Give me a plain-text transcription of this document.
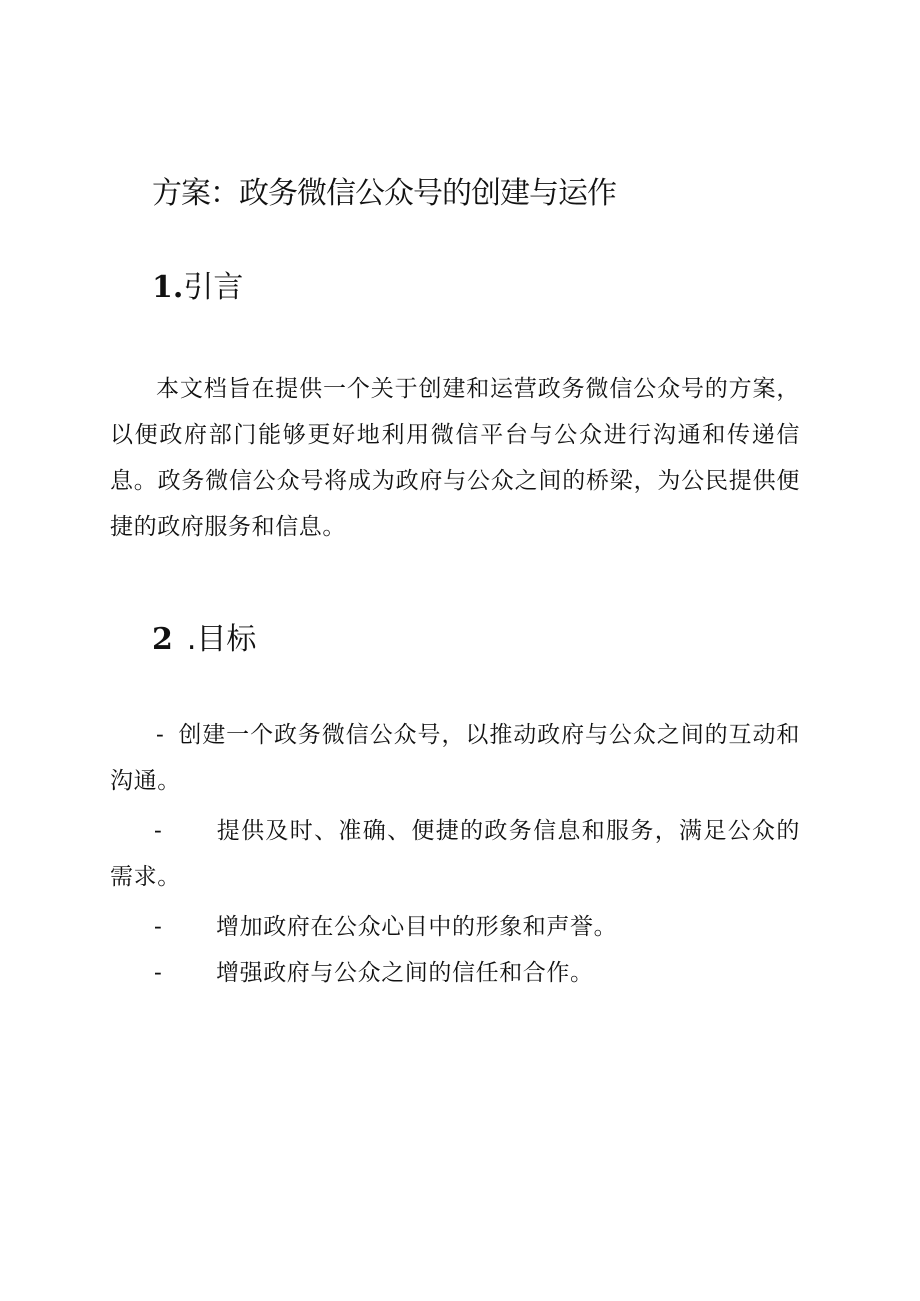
方案：政务微信公众号的创建与运作
1.引言
本文档旨在提供一个关于创建和运营政务微信公众号的方案，以便政府部门能够更好地利用微信平台与公众进行沟通和传递信息。政务微信公众号将成为政府与公众之间的桥梁，为公民提供便捷的政府服务和信息。
2 .目标
- 创建一个政务微信公众号，以推动政府与公众之间的互动和沟通。
- 提供及时、准确、便捷的政务信息和服务，满足公众的需求。
- 增加政府在公众心目中的形象和声誉。
- 增强政府与公众之间的信任和合作。
